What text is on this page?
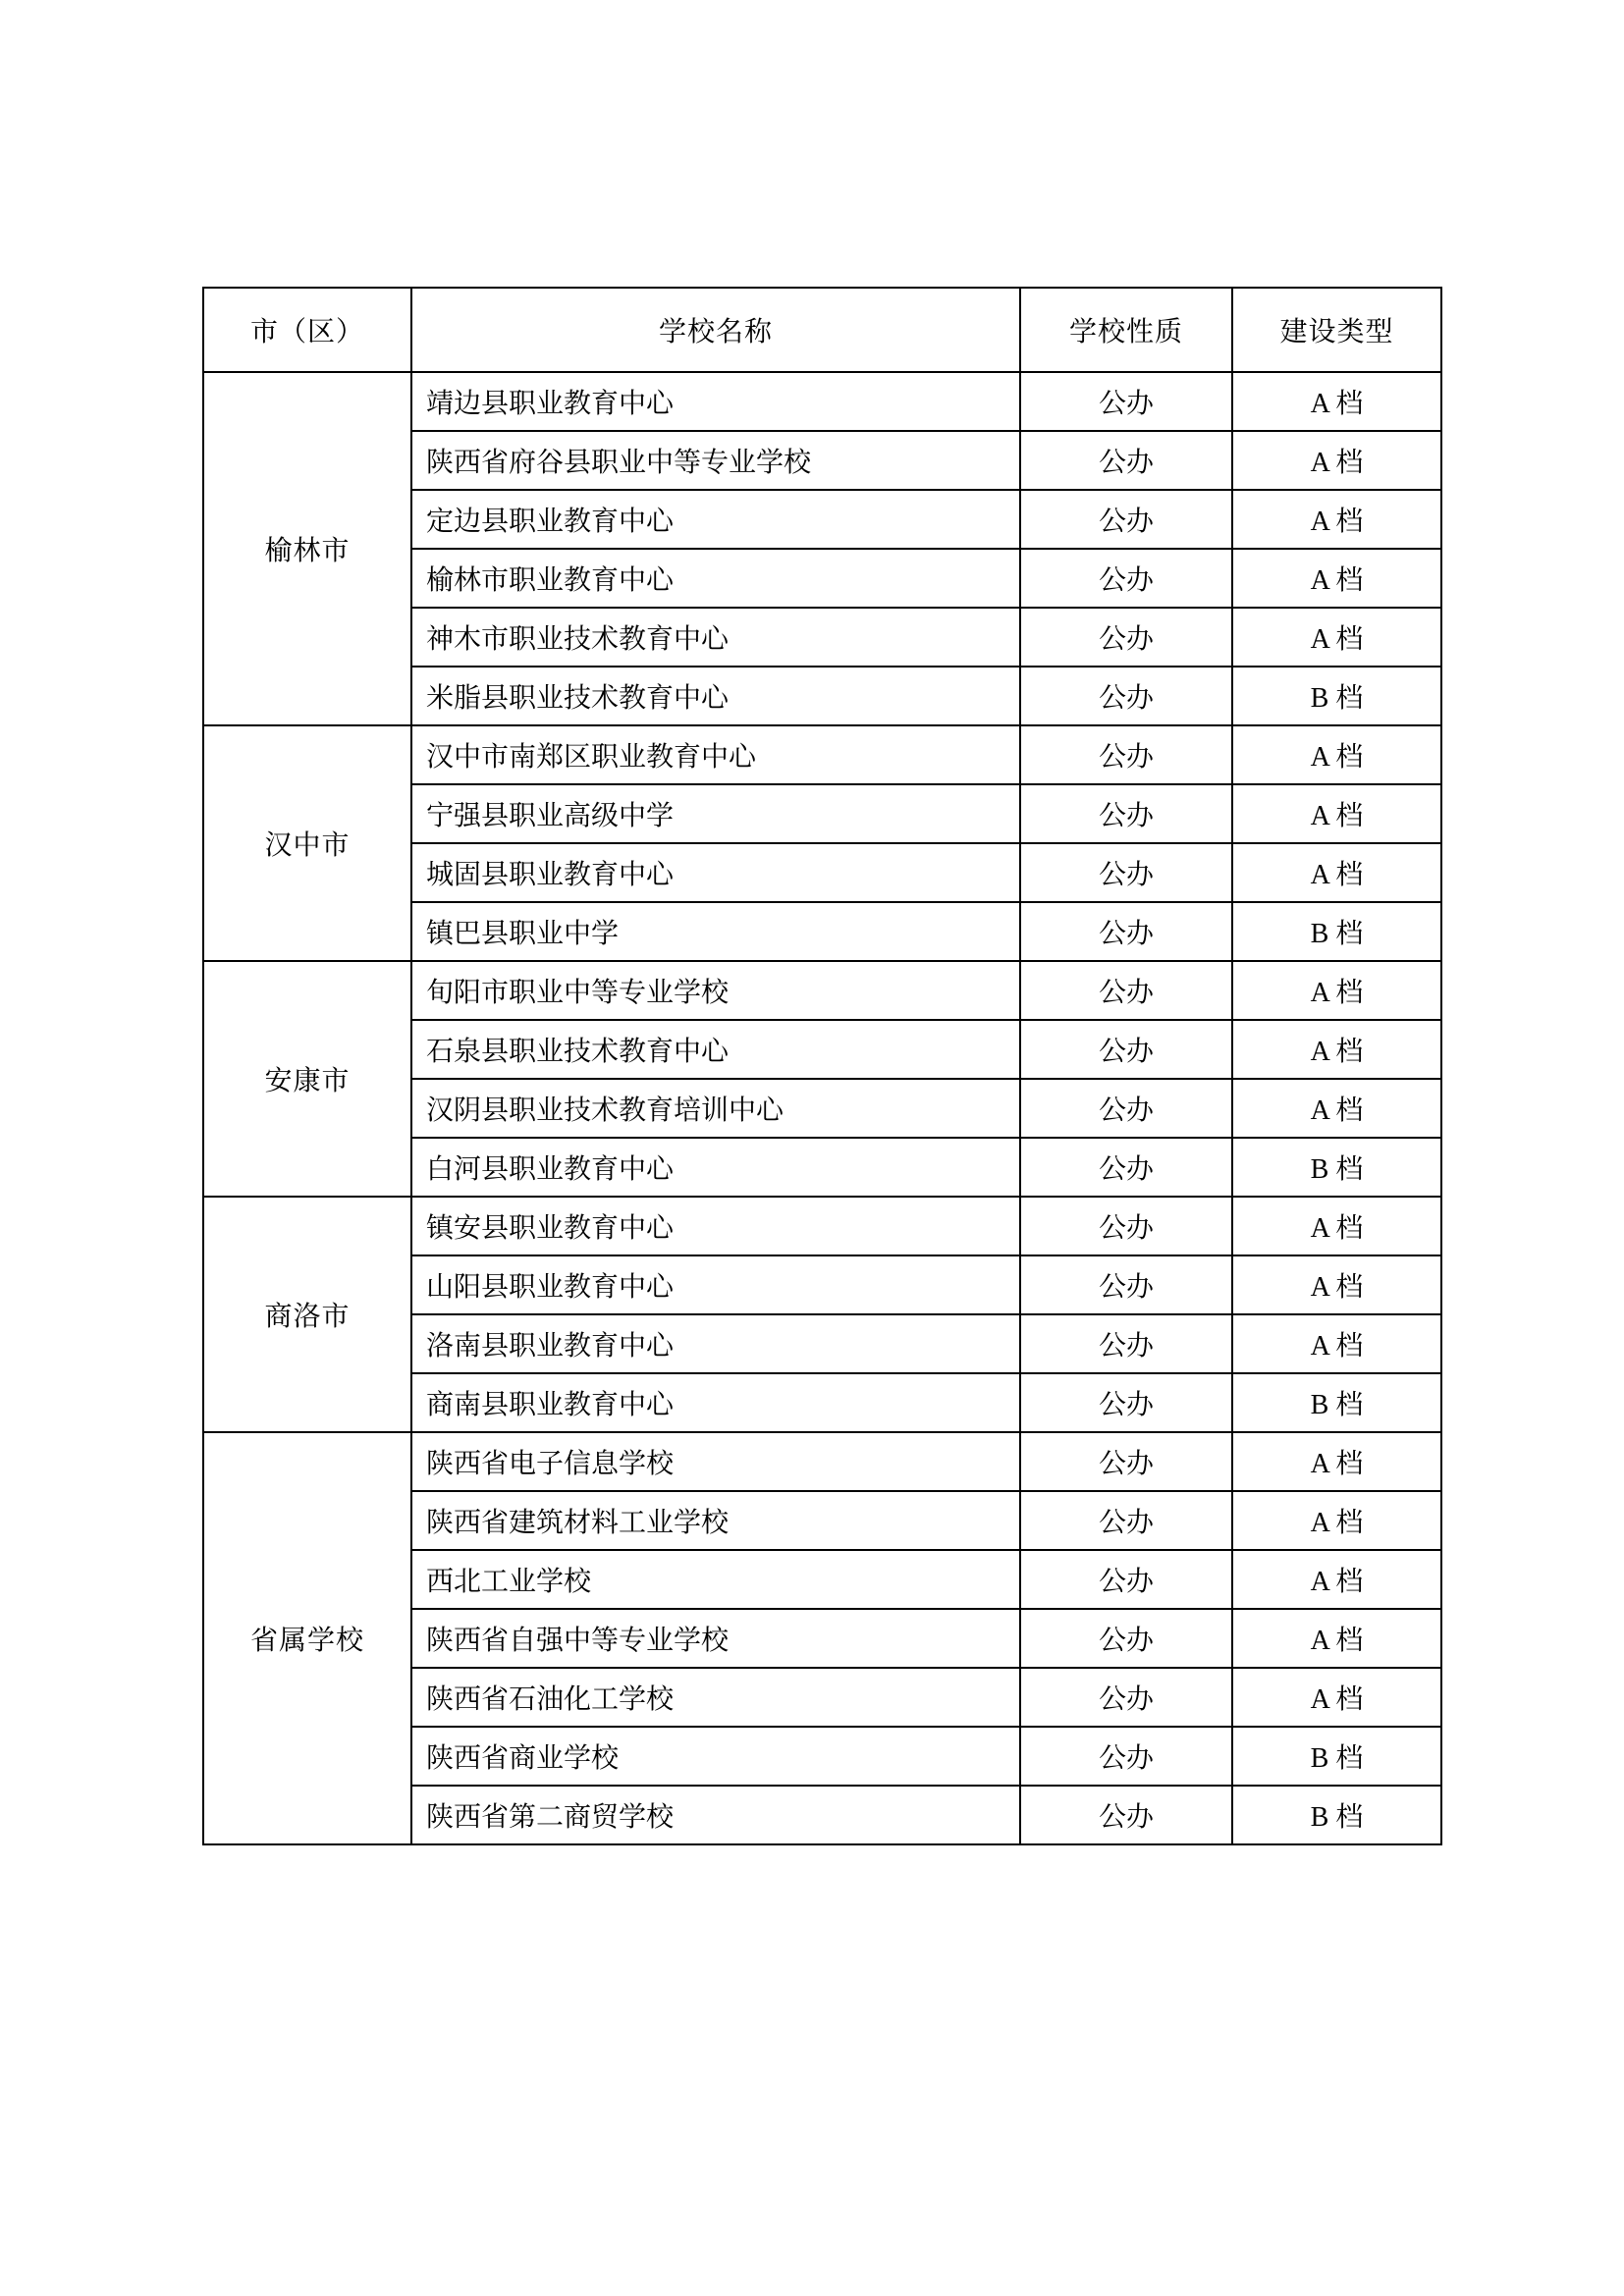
市（区）	学校名称	学校性质	建设类型
榆林市	靖边县职业教育中心	公办	A 档
	陕西省府谷县职业中等专业学校	公办	A 档
	定边县职业教育中心	公办	A 档
	榆林市职业教育中心	公办	A 档
	神木市职业技术教育中心	公办	A 档
	米脂县职业技术教育中心	公办	B 档
汉中市	汉中市南郑区职业教育中心	公办	A 档
	宁强县职业高级中学	公办	A 档
	城固县职业教育中心	公办	A 档
	镇巴县职业中学	公办	B 档
安康市	旬阳市职业中等专业学校	公办	A 档
	石泉县职业技术教育中心	公办	A 档
	汉阴县职业技术教育培训中心	公办	A 档
	白河县职业教育中心	公办	B 档
商洛市	镇安县职业教育中心	公办	A 档
	山阳县职业教育中心	公办	A 档
	洛南县职业教育中心	公办	A 档
	商南县职业教育中心	公办	B 档
省属学校	陕西省电子信息学校	公办	A 档
	陕西省建筑材料工业学校	公办	A 档
	西北工业学校	公办	A 档
	陕西省自强中等专业学校	公办	A 档
	陕西省石油化工学校	公办	A 档
	陕西省商业学校	公办	B 档
	陕西省第二商贸学校	公办	B 档
